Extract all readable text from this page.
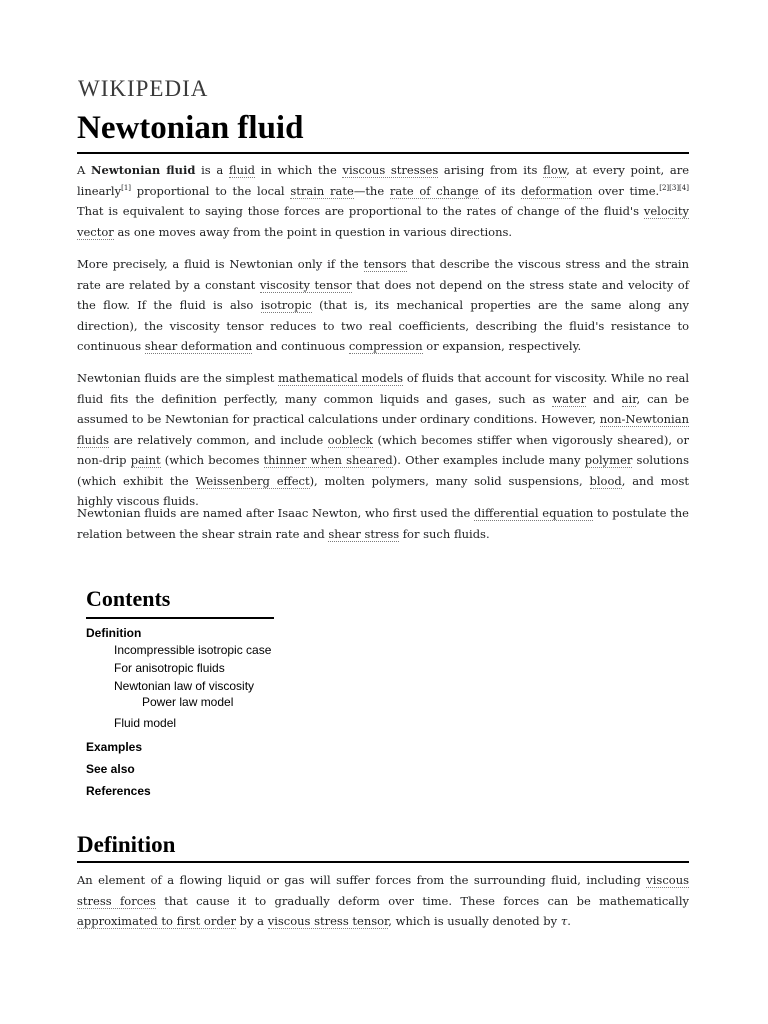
WIKIPEDIA
Newtonian fluid

A Newtonian fluid is a fluid in which the viscous stresses arising from its flow, at every point, are linearly[1] proportional to the local strain rate—the rate of change of its deformation over time.[2][3][4] That is equivalent to saying those forces are proportional to the rates of change of the fluid's velocity vector as one moves away from the point in question in various directions.

More precisely, a fluid is Newtonian only if the tensors that describe the viscous stress and the strain rate are related by a constant viscosity tensor that does not depend on the stress state and velocity of the flow. If the fluid is also isotropic (that is, its mechanical properties are the same along any direction), the viscosity tensor reduces to two real coefficients, describing the fluid's resistance to continuous shear deformation and continuous compression or expansion, respectively.

Newtonian fluids are the simplest mathematical models of fluids that account for viscosity. While no real fluid fits the definition perfectly, many common liquids and gases, such as water and air, can be assumed to be Newtonian for practical calculations under ordinary conditions. However, non-Newtonian fluids are relatively common, and include oobleck (which becomes stiffer when vigorously sheared), or non-drip paint (which becomes thinner when sheared). Other examples include many polymer solutions (which exhibit the Weissenberg effect), molten polymers, many solid suspensions, blood, and most highly viscous fluids.

Newtonian fluids are named after Isaac Newton, who first used the differential equation to postulate the relation between the shear strain rate and shear stress for such fluids.

Contents
Definition
Incompressible isotropic case
For anisotropic fluids
Newtonian law of viscosity
Power law model
Fluid model
Examples
See also
References
Definition

An element of a flowing liquid or gas will suffer forces from the surrounding fluid, including viscous stress forces that cause it to gradually deform over time. These forces can be mathematically approximated to first order by a viscous stress tensor, which is usually denoted by τ.
